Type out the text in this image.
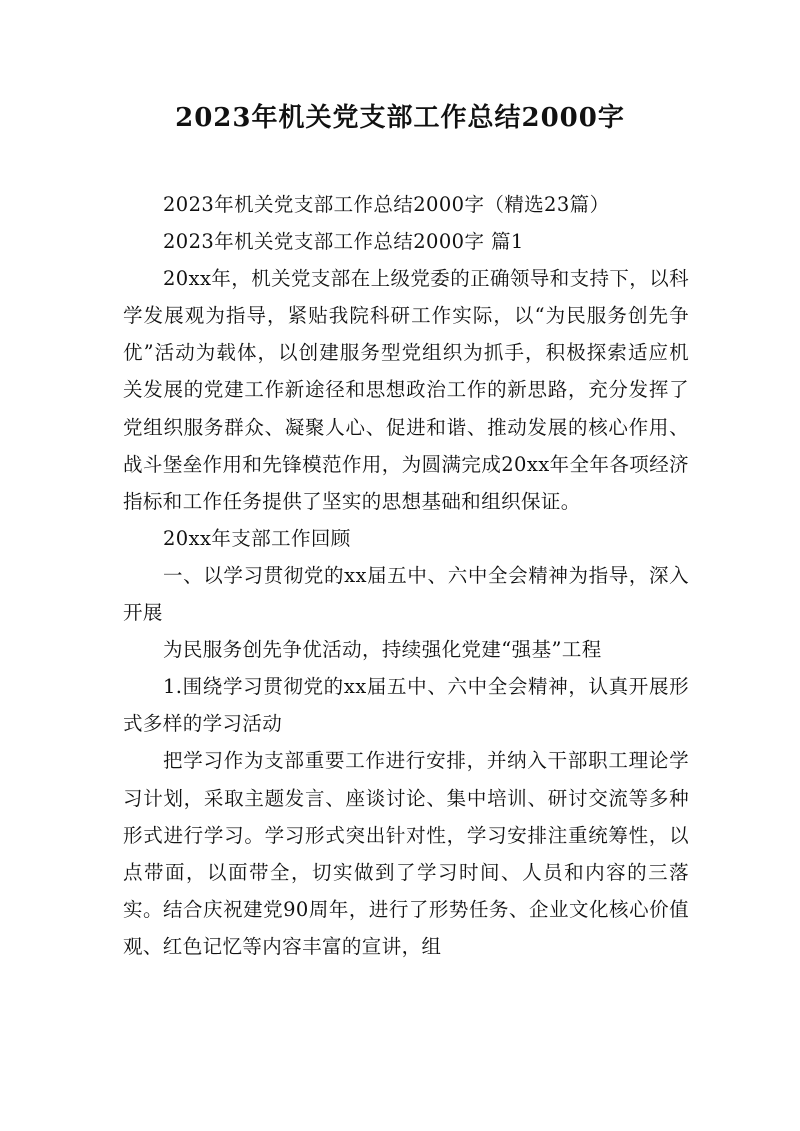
2023年机关党支部工作总结2000字

2023年机关党支部工作总结2000字（精选23篇）

2023年机关党支部工作总结2000字 篇1

20xx年，机关党支部在上级党委的正确领导和支持下，以科学发展观为指导，紧贴我院科研工作实际，以“为民服务创先争优”活动为载体，以创建服务型党组织为抓手，积极探索适应机关发展的党建工作新途径和思想政治工作的新思路，充分发挥了党组织服务群众、凝聚人心、促进和谐、推动发展的核心作用、战斗堡垒作用和先锋模范作用，为圆满完成20xx年全年各项经济指标和工作任务提供了坚实的思想基础和组织保证。

20xx年支部工作回顾

一、以学习贯彻党的xx届五中、六中全会精神为指导，深入开展

为民服务创先争优活动，持续强化党建“强基”工程

1.围绕学习贯彻党的xx届五中、六中全会精神，认真开展形式多样的学习活动

把学习作为支部重要工作进行安排，并纳入干部职工理论学习计划，采取主题发言、座谈讨论、集中培训、研讨交流等多种形式进行学习。学习形式突出针对性，学习安排注重统筹性，以点带面，以面带全，切实做到了学习时间、人员和内容的三落实。结合庆祝建党90周年，进行了形势任务、企业文化核心价值观、红色记忆等内容丰富的宣讲，组
